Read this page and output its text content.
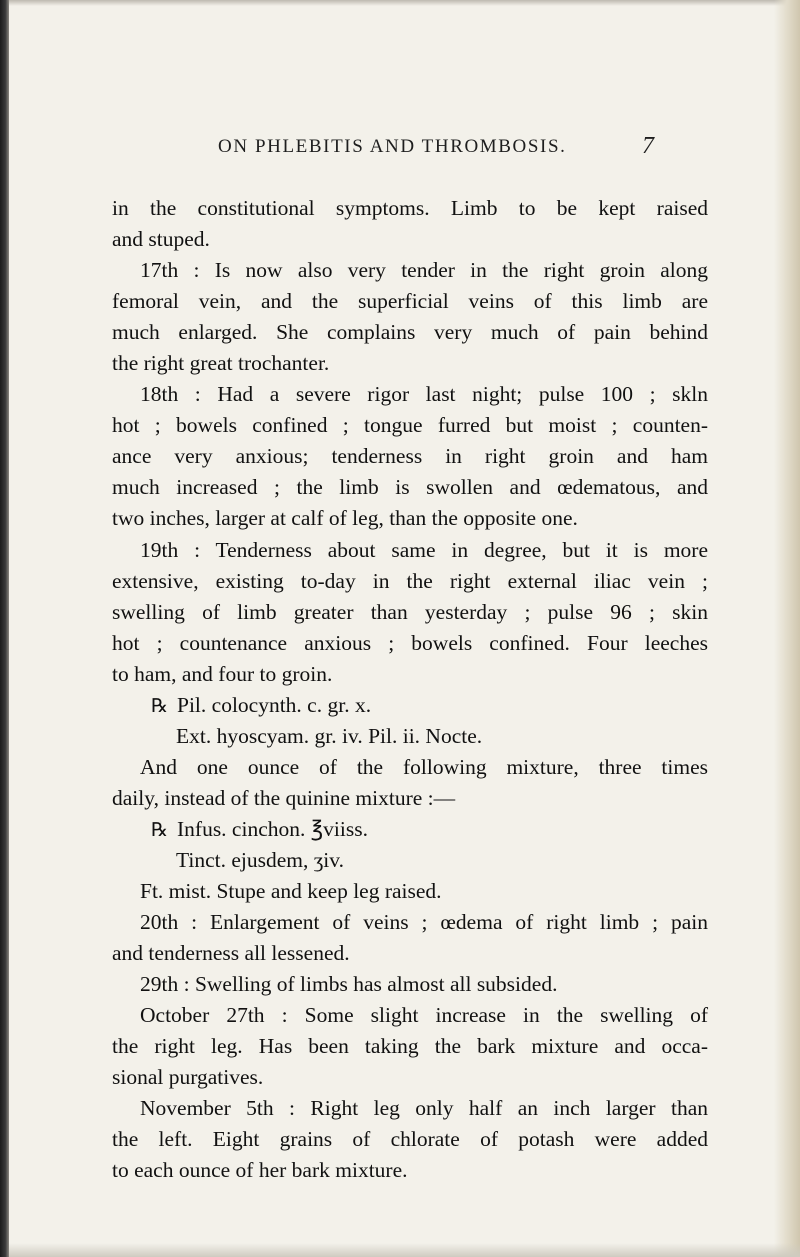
ON PHLEBITIS AND THROMBOSIS.	7
in the constitutional symptoms. Limb to be kept raised
and stuped.
17th : Is now also very tender in the right groin along
femoral vein, and the superficial veins of this limb are
much enlarged. She complains very much of pain behind
the right great trochanter.
18th : Had a severe rigor last night; pulse 100 ; skln
hot ; bowels confined ; tongue furred but moist ; counten-
ance very anxious; tenderness in right groin and ham
much increased ; the limb is swollen and œdematous, and
two inches, larger at calf of leg, than the opposite one.
19th : Tenderness about same in degree, but it is more
extensive, existing to-day in the right external iliac vein ;
swelling of limb greater than yesterday ; pulse 96 ; skin
hot ; countenance anxious ; bowels confined. Four leeches
to ham, and four to groin.
℞ Pil. colocynth. c. gr. x.
Ext. hyoscyam. gr. iv. Pil. ii. Nocte.
And one ounce of the following mixture, three times
daily, instead of the quinine mixture :—
℞ Infus. cinchon. ℥viiss.
Tinct. ejusdem, ʒiv.
Ft. mist. Stupe and keep leg raised.
20th : Enlargement of veins ; œdema of right limb ; pain
and tenderness all lessened.
29th : Swelling of limbs has almost all subsided.
October 27th : Some slight increase in the swelling of
the right leg. Has been taking the bark mixture and occa-
sional purgatives.
November 5th : Right leg only half an inch larger than
the left. Eight grains of chlorate of potash were added
to each ounce of her bark mixture.
